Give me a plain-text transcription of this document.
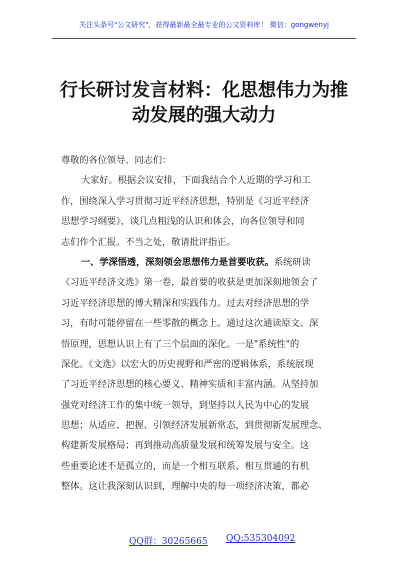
关注头条号"公文研究"，获得最新最全最专业的公文资料库！ 微信：gongwenyj
行长研讨发言材料：化思想伟力为推
动发展的强大动力
尊敬的各位领导、同志们：
大家好。根据会议安排，下面我结合个人近期的学习和工
作，围绕深入学习贯彻习近平经济思想，特别是《习近平经济
思想学习纲要》，谈几点粗浅的认识和体会，向各位领导和同
志们作个汇报。不当之处，敬请批评指正。
一、学深悟透，深刻领会思想伟力是首要收获。系统研读
《习近平经济文选》第一卷，最首要的收获是更加深刻地领会了
习近平经济思想的博大精深和实践伟力。过去对经济思想的学
习，有时可能停留在一些零散的概念上。通过这次通读原文、深
悟原理，思想认识上有了三个层面的深化。一是"系统性"的
深化。《文选》以宏大的历史视野和严密的逻辑体系，系统展现
了习近平经济思想的核心要义、精神实质和丰富内涵。从坚持加
强党对经济工作的集中统一领导，到坚持以人民为中心的发展
思想；从适应、把握、引领经济发展新常态，到贯彻新发展理念、
构建新发展格局；再到推动高质量发展和统筹发展与安全。这
些重要论述不是孤立的，而是一个相互联系、相互贯通的有机
整体。这让我深刻认识到，理解中央的每一项经济决策，都必
QQ群：30265665 QQ:535304092
